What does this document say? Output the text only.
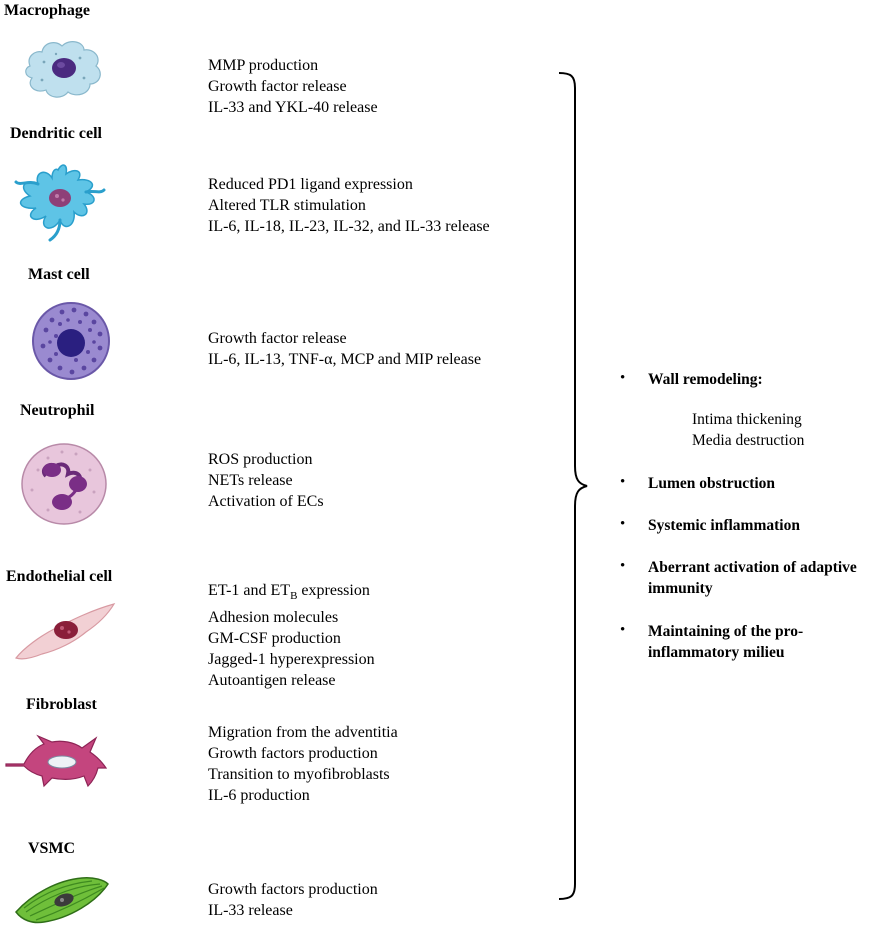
Macrophage
Dendritic cell
Mast cell
Neutrophil
Endothelial cell
Fibroblast
VSMC
MMP production
Growth factor release
IL-33 and YKL-40 release
Reduced PD1 ligand expression
Altered TLR stimulation
IL-6, IL-18, IL-23, IL-32, and IL-33 release
Growth factor release
IL-6, IL-13, TNF-α, MCP and MIP release
ROS production
NETs release
Activation of ECs
ET-1 and $ET_B$ expression
Adhesion molecules
GM-CSF production
Jagged-1 hyperexpression
Autoantigen release
Migration from the adventitia
Growth factors production
Transition to myofibroblasts
IL-6 production
Growth factors production
IL-33 release
• Wall remodeling:
Intima thickening
Media destruction
• Lumen obstruction
• Systemic inflammation
• Aberrant activation of adaptive
immunity
• Maintaining of the pro-
inflammatory milieu
